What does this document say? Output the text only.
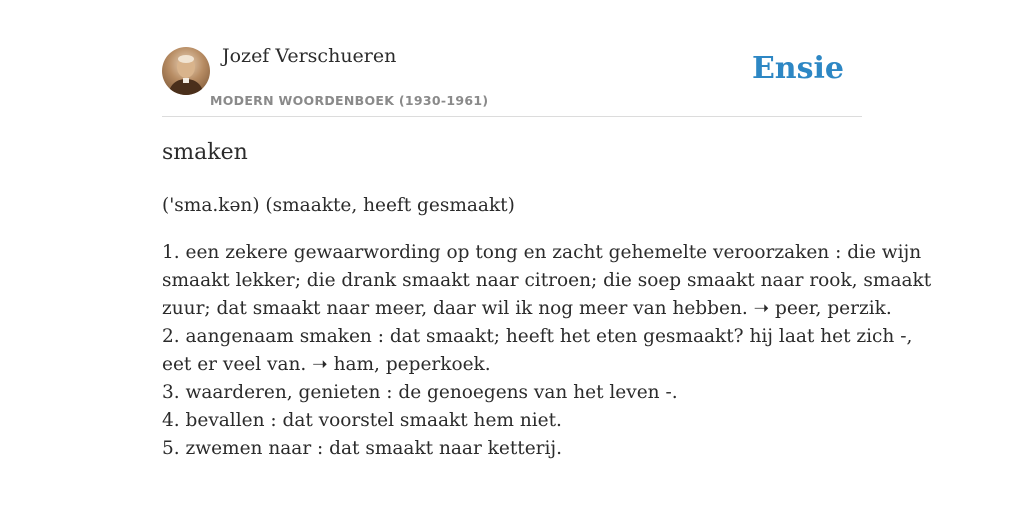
Jozef Verschueren
MODERN WOORDENBOEK (1930-1961)
Ensie
smaken
('sma.kən) (smaakte, heeft gesmaakt)
1. een zekere gewaarwording op tong en zacht gehemelte veroorzaken : die wijn
smaakt lekker; die drank smaakt naar citroen; die soep smaakt naar rook, smaakt
zuur; dat smaakt naar meer, daar wil ik nog meer van hebben. ➝ peer, perzik.
2. aangenaam smaken : dat smaakt; heeft het eten gesmaakt? hij laat het zich -,
eet er veel van. ➝ ham, peperkoek.
3. waarderen, genieten : de genoegens van het leven -.
4. bevallen : dat voorstel smaakt hem niet.
5. zwemen naar : dat smaakt naar ketterij.
